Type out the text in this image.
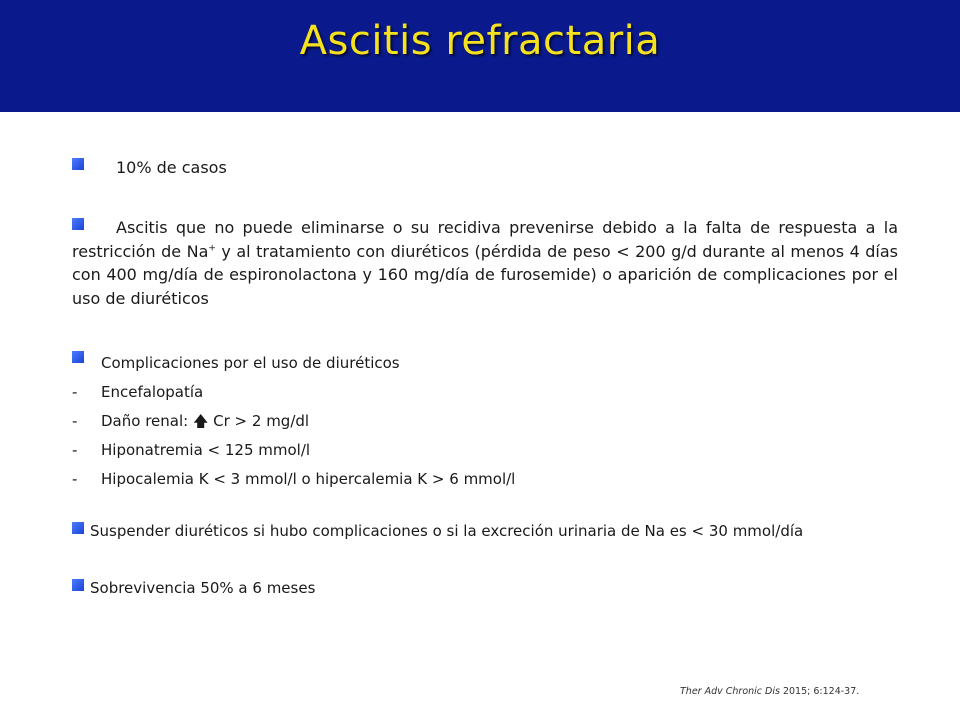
Ascitis refractaria
10% de casos
Ascitis que no puede eliminarse o su recidiva prevenirse debido a la falta de respuesta a la restricción de Na+ y al tratamiento con diuréticos (pérdida de peso < 200 g/d durante al menos 4 días con 400 mg/día de espironolactona y 160 mg/día de furosemide) o aparición de complicaciones por el uso de diuréticos
Complicaciones por el uso de diuréticos
-	Encefalopatía
-	Daño renal: 🡅 Cr > 2 mg/dl
-	Hiponatremia < 125 mmol/l
-	Hipocalemia K < 3 mmol/l o hipercalemia K > 6 mmol/l
Suspender diuréticos si hubo complicaciones o si la excreción urinaria de Na es < 30 mmol/día
Sobrevivencia 50% a 6 meses
Ther Adv Chronic Dis 2015; 6:124-37.
